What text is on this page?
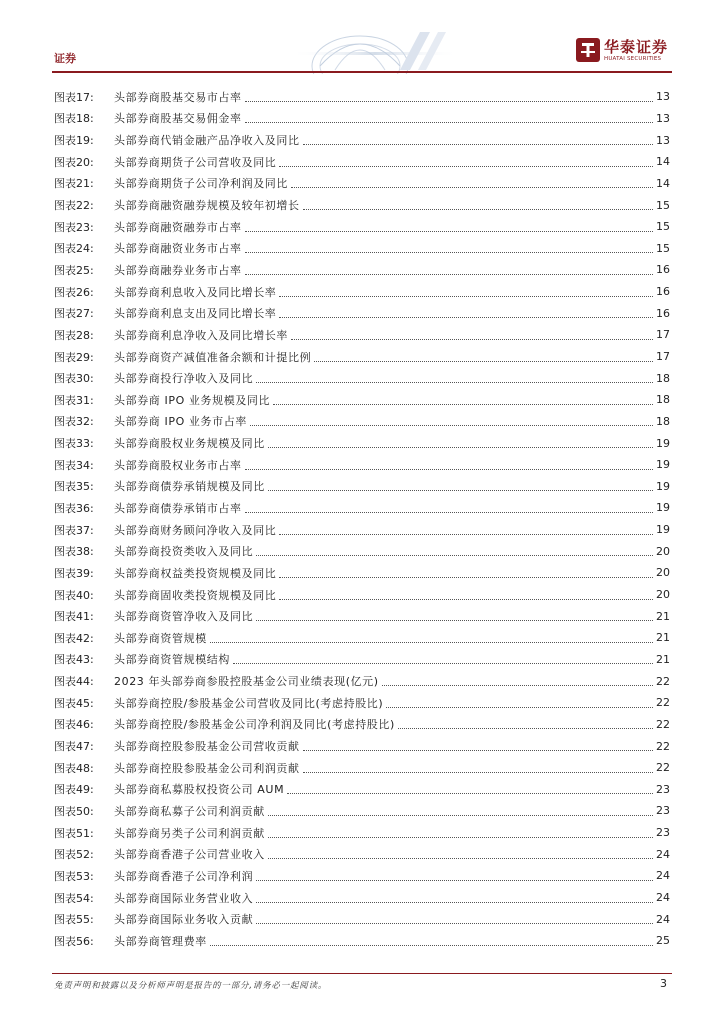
证券
华泰证券
HUATAI SECURITIES
图表17:	头部券商股基交易市占率	13
图表18:	头部券商股基交易佣金率	13
图表19:	头部券商代销金融产品净收入及同比	13
图表20:	头部券商期货子公司营收及同比	14
图表21:	头部券商期货子公司净利润及同比	14
图表22:	头部券商融资融券规模及较年初增长	15
图表23:	头部券商融资融券市占率	15
图表24:	头部券商融资业务市占率	15
图表25:	头部券商融券业务市占率	16
图表26:	头部券商利息收入及同比增长率	16
图表27:	头部券商利息支出及同比增长率	16
图表28:	头部券商利息净收入及同比增长率	17
图表29:	头部券商资产减值准备余额和计提比例	17
图表30:	头部券商投行净收入及同比	18
图表31:	头部券商 IPO 业务规模及同比	18
图表32:	头部券商 IPO 业务市占率	18
图表33:	头部券商股权业务规模及同比	19
图表34:	头部券商股权业务市占率	19
图表35:	头部券商债券承销规模及同比	19
图表36:	头部券商债券承销市占率	19
图表37:	头部券商财务顾问净收入及同比	19
图表38:	头部券商投资类收入及同比	20
图表39:	头部券商权益类投资规模及同比	20
图表40:	头部券商固收类投资规模及同比	20
图表41:	头部券商资管净收入及同比	21
图表42:	头部券商资管规模	21
图表43:	头部券商资管规模结构	21
图表44:	2023 年头部券商参股控股基金公司业绩表现(亿元)	22
图表45:	头部券商控股/参股基金公司营收及同比(考虑持股比)	22
图表46:	头部券商控股/参股基金公司净利润及同比(考虑持股比)	22
图表47:	头部券商控股参股基金公司营收贡献	22
图表48:	头部券商控股参股基金公司利润贡献	22
图表49:	头部券商私募股权投资公司 AUM	23
图表50:	头部券商私募子公司利润贡献	23
图表51:	头部券商另类子公司利润贡献	23
图表52:	头部券商香港子公司营业收入	24
图表53:	头部券商香港子公司净利润	24
图表54:	头部券商国际业务营业收入	24
图表55:	头部券商国际业务收入贡献	24
图表56:	头部券商管理费率	25
免责声明和披露以及分析师声明是报告的一部分,请务必一起阅读。	3
